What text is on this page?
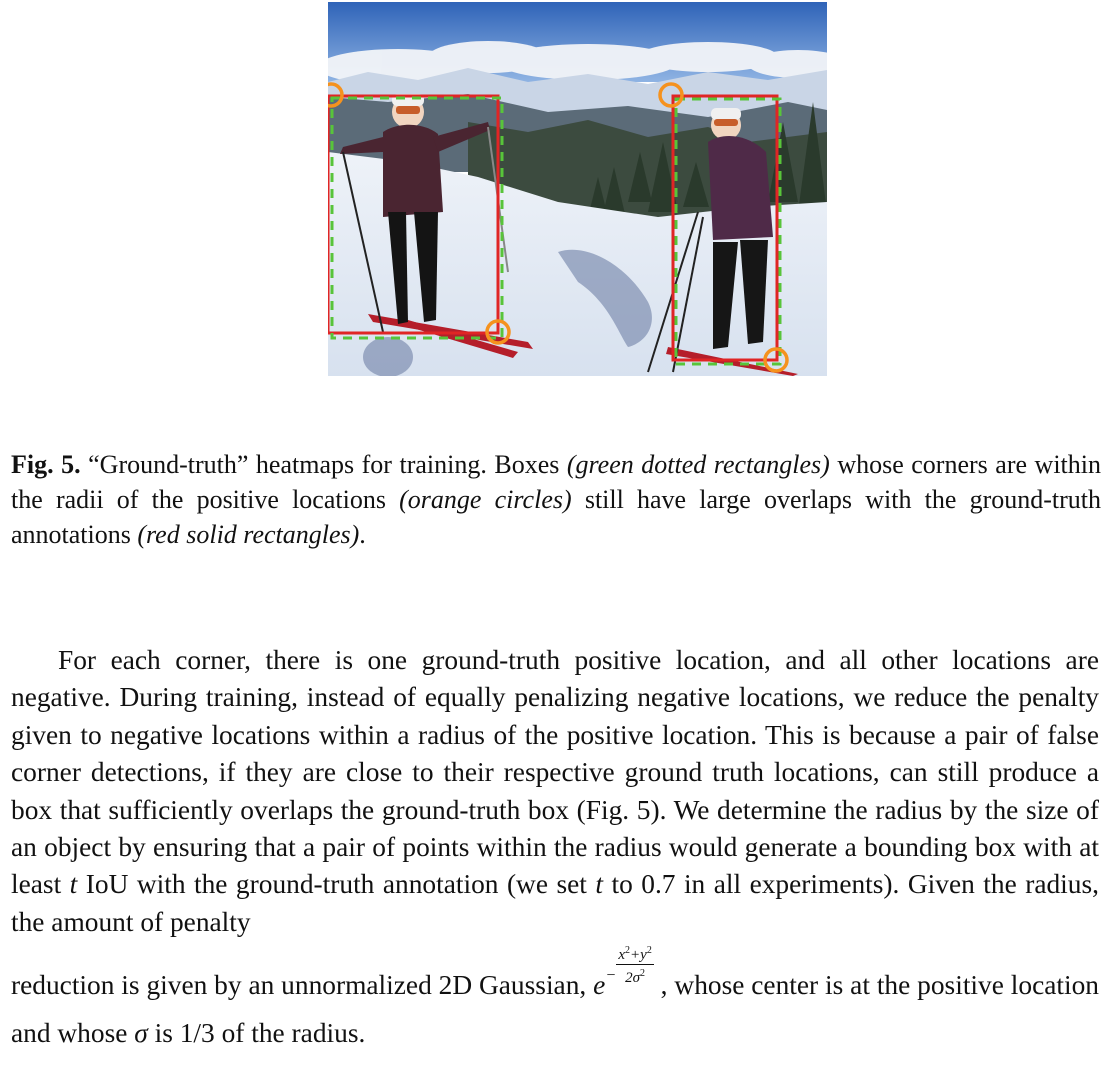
Fig. 5. “Ground-truth” heatmaps for training. Boxes (green dotted rectangles) whose corners are within the radii of the positive locations (orange circles) still have large overlaps with the ground-truth annotations (red solid rectangles).

For each corner, there is one ground-truth positive location, and all other locations are negative. During training, instead of equally penalizing negative locations, we reduce the penalty given to negative locations within a radius of the positive location. This is because a pair of false corner detections, if they are close to their respective ground truth locations, can still produce a box that sufficiently overlaps the ground-truth box (Fig. 5). We determine the radius by the size of an object by ensuring that a pair of points within the radius would generate a bounding box with at least t IoU with the ground-truth annotation (we set t to 0.7 in all experiments). Given the radius, the amount of penalty
reduction is given by an unnormalized 2D Gaussian, $e- \frac{x^2+y^2}{2\sigma^2}$ , whose center is at the positive location and whose σ is 1/3 of the radius.
